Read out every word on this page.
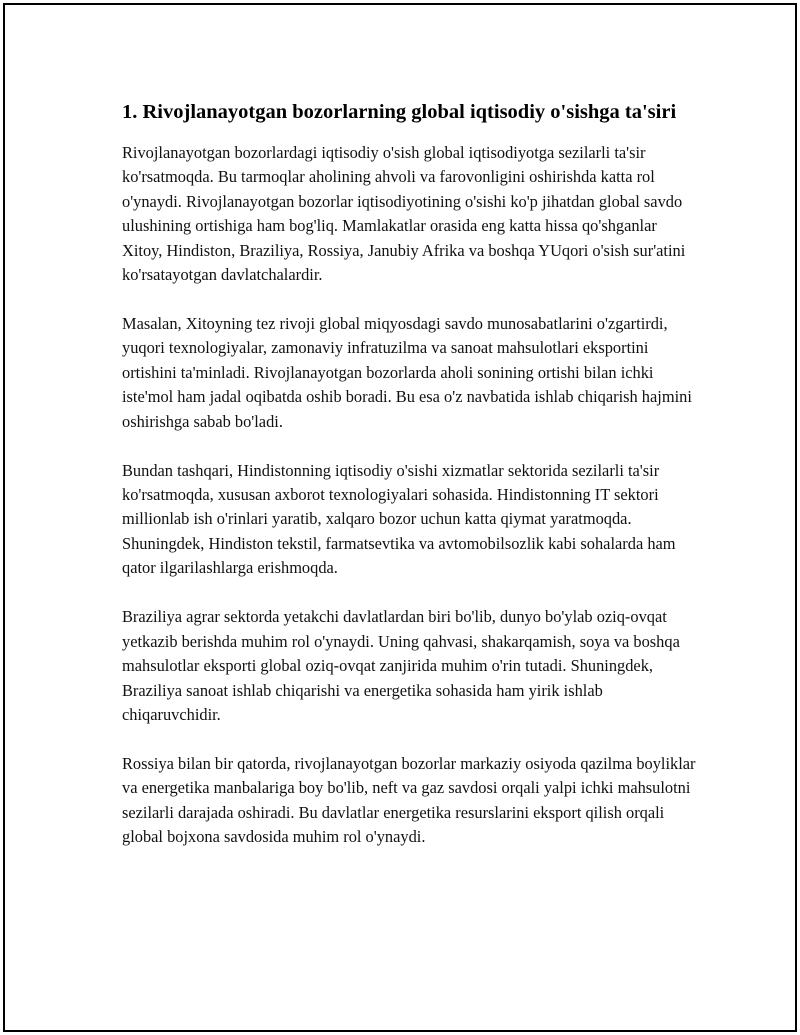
1. Rivojlanayotgan bozorlarning global iqtisodiy o'sishga ta'siri

Rivojlanayotgan bozorlardagi iqtisodiy o'sish global iqtisodiyotga sezilarli ta'sir ko'rsatmoqda. Bu tarmoqlar aholining ahvoli va farovonligini oshirishda katta rol o'ynaydi. Rivojlanayotgan bozorlar iqtisodiyotining o'sishi ko'p jihatdan global savdo ulushining ortishiga ham bog'liq. Mamlakatlar orasida eng katta hissa qo'shganlar Xitoy, Hindiston, Braziliya, Rossiya, Janubiy Afrika va boshqa YUqori o'sish sur'atini ko'rsatayotgan davlatchalardir.

Masalan, Xitoyning tez rivoji global miqyosdagi savdo munosabatlarini o'zgartirdi, yuqori texnologiyalar, zamonaviy infratuzilma va sanoat mahsulotlari eksportini ortishini ta'minladi. Rivojlanayotgan bozorlarda aholi sonining ortishi bilan ichki iste'mol ham jadal oqibatda oshib boradi. Bu esa o'z navbatida ishlab chiqarish hajmini oshirishga sabab bo'ladi.

Bundan tashqari, Hindistonning iqtisodiy o'sishi xizmatlar sektorida sezilarli ta'sir ko'rsatmoqda, xususan axborot texnologiyalari sohasida. Hindistonning IT sektori millionlab ish o'rinlari yaratib, xalqaro bozor uchun katta qiymat yaratmoqda. Shuningdek, Hindiston tekstil, farmatsevtika va avtomobilsozlik kabi sohalarda ham qator ilgarilashlarga erishmoqda.

Braziliya agrar sektorda yetakchi davlatlardan biri bo'lib, dunyo bo'ylab oziq-ovqat yetkazib berishda muhim rol o'ynaydi. Uning qahvasi, shakarqamish, soya va boshqa mahsulotlar eksporti global oziq-ovqat zanjirida muhim o'rin tutadi. Shuningdek, Braziliya sanoat ishlab chiqarishi va energetika sohasida ham yirik ishlab chiqaruvchidir.

Rossiya bilan bir qatorda, rivojlanayotgan bozorlar markaziy osiyoda qazilma boyliklar va energetika manbalariga boy bo'lib, neft va gaz savdosi orqali yalpi ichki mahsulotni sezilarli darajada oshiradi. Bu davlatlar energetika resurslarini eksport qilish orqali global bojxona savdosida muhim rol o'ynaydi.
